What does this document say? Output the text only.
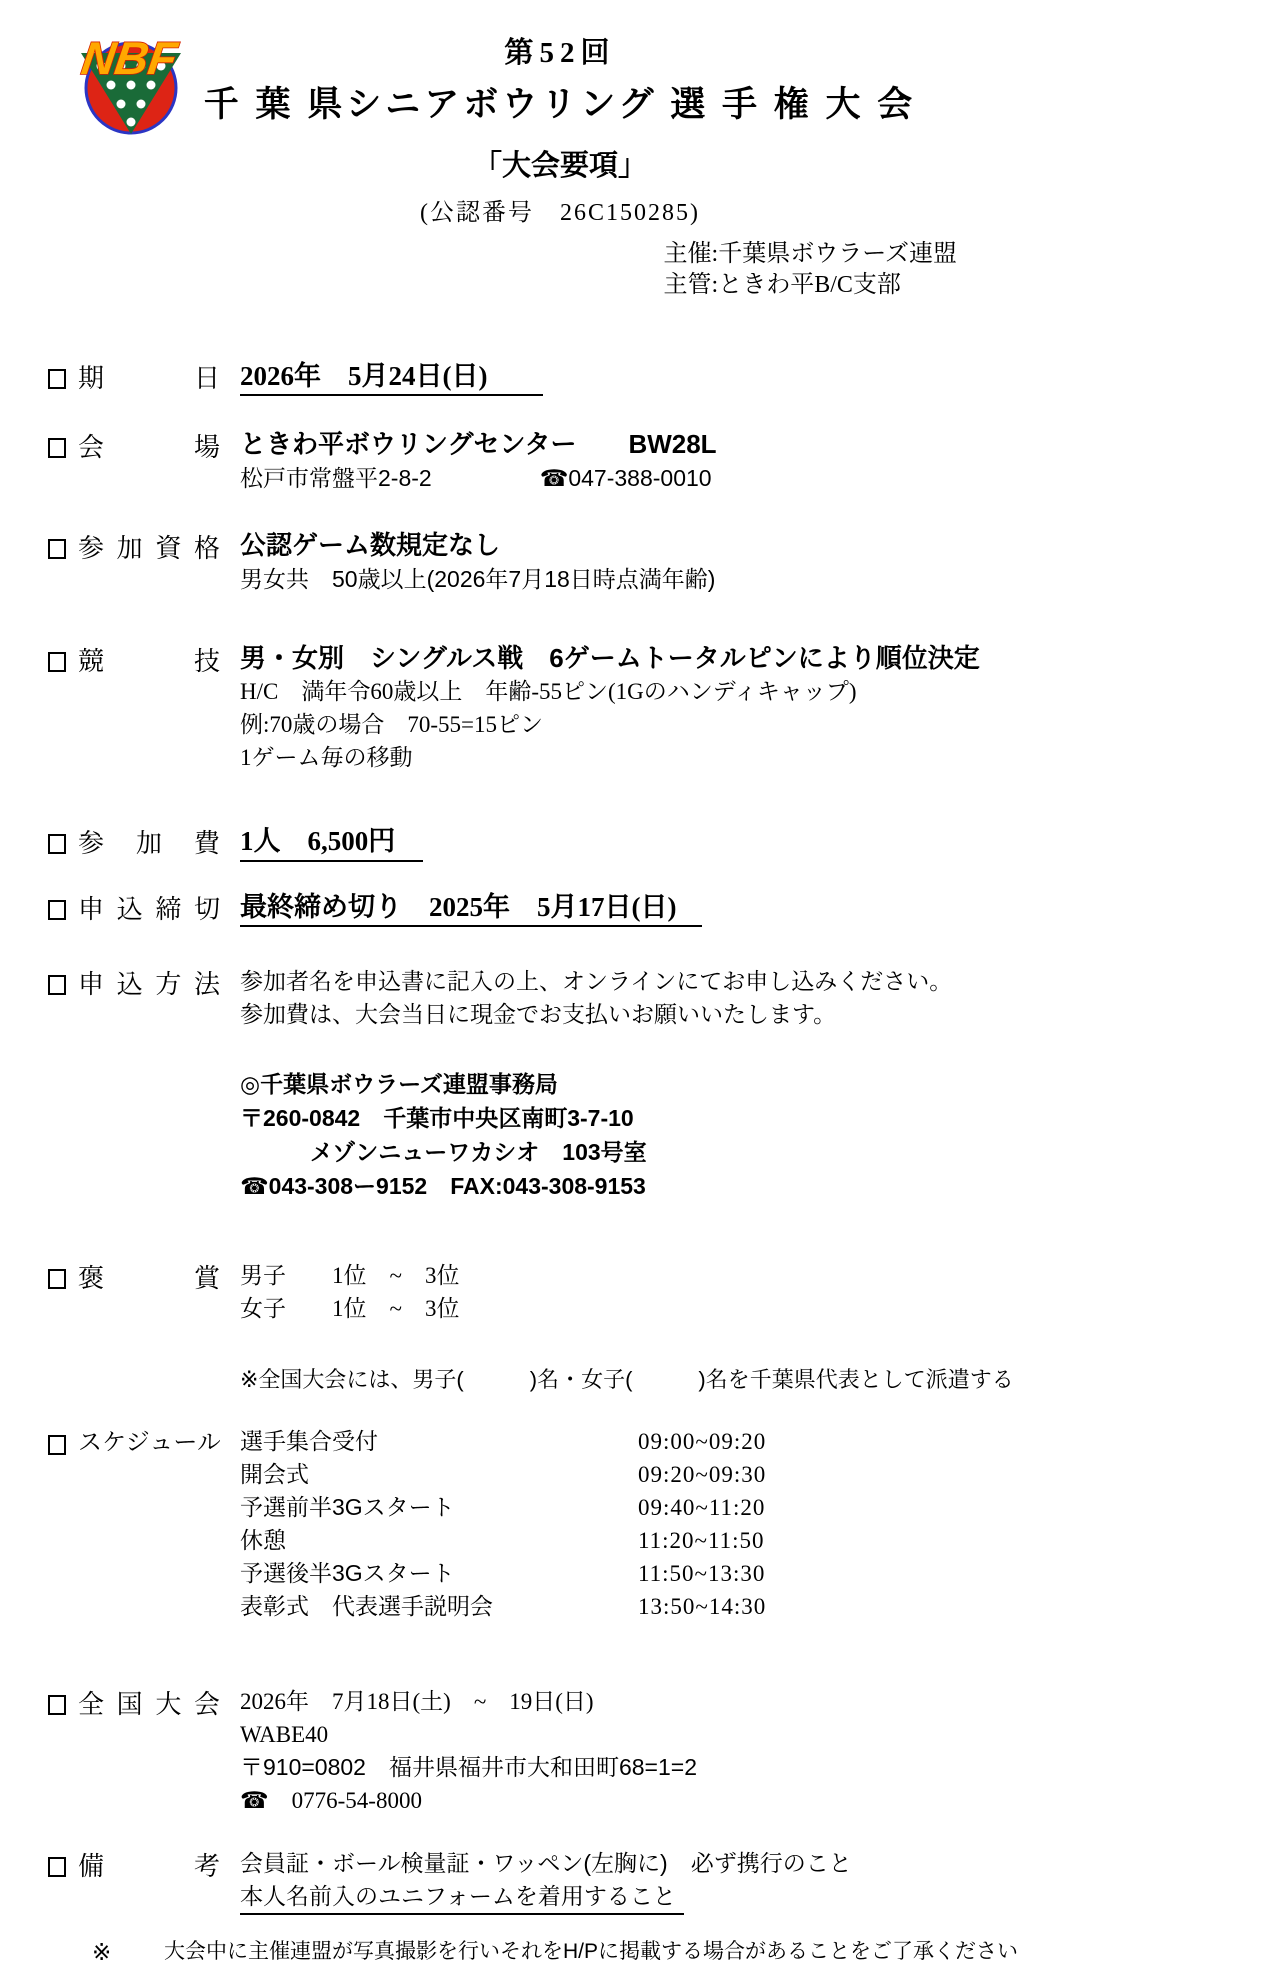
NBF	第52回
千 葉 県シニアボウリング 選 手 権 大 会
「大会要項」
(公認番号　26C150285)
主催:千葉県ボウラーズ連盟
主管:ときわ平B/C支部
期日 2026年　5月24日(日)
会場 ときわ平ボウリングセンター　　BW28L
松戸市常盤平2-8-2	☎047-388-0010
参加資格 公認ゲーム数規定なし
男女共　50歳以上(2026年7月18日時点満年齢)
競技 男・女別　シングルス戦　6ゲームトータルピンにより順位決定
H/C　満年令60歳以上　年齢-55ピン(1Gのハンディキャップ)
例:70歳の場合　70-55=15ピン
1ゲーム毎の移動
参加費 1人　6,500円
申込締切 最終締め切り　2025年　5月17日(日)
申込方法 参加者名を申込書に記入の上、オンラインにてお申し込みください。
参加費は、大会当日に現金でお支払いお願いいたします。
◎千葉県ボウラーズ連盟事務局
〒260-0842　千葉市中央区南町3-7-10
メゾンニューワカシオ　103号室
☎043-308ー9152　FAX:043-308-9153
褒賞 男子　　1位　~　3位
女子　　1位　~　3位
※全国大会には、男子(　　　)名・女子(　　　)名を千葉県代表として派遣する
スケジュール 選手集合受付	09:00~09:20
開会式	09:20~09:30
予選前半3Gスタート	09:40~11:20
休憩	11:20~11:50
予選後半3Gスタート	11:50~13:30
表彰式　代表選手説明会	13:50~14:30
全国大会 2026年　7月18日(土)　~　19日(日)
WABE40
〒910=0802　福井県福井市大和田町68=1=2
☎　0776-54-8000
備考 会員証・ボール検量証・ワッペン(左胸に)　必ず携行のこと
本人名前入のユニフォームを着用すること
※	大会中に主催連盟が写真撮影を行いそれをH/Pに掲載する場合があることをご了承ください
